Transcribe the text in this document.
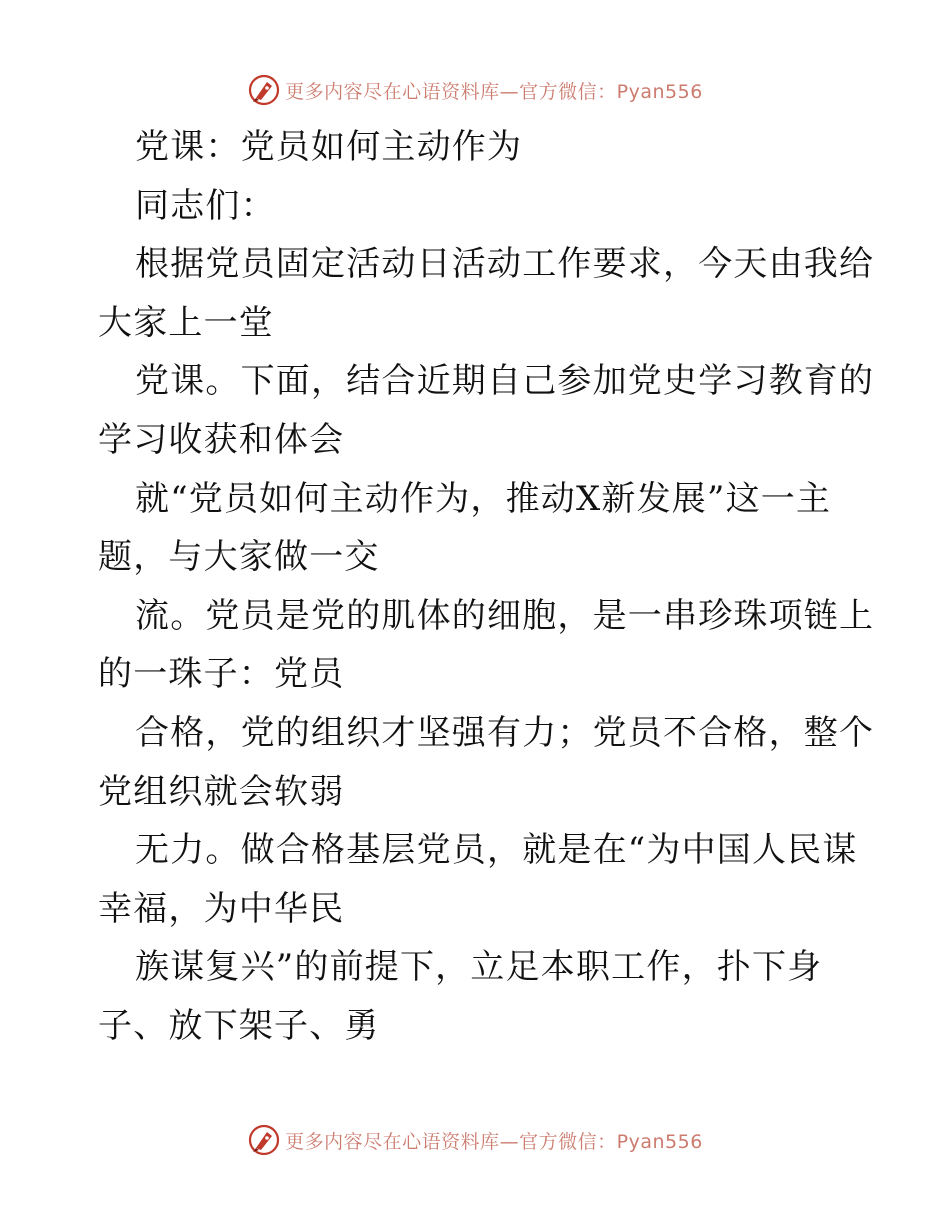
更多内容尽在心语资料库—官方微信：Pyan556
党课：党员如何主动作为
同志们：
根据党员固定活动日活动工作要求，今天由我给
大家上一堂
党课。下面，结合近期自己参加党史学习教育的
学习收获和体会
就“党员如何主动作为，推动X新发展”这一主
题，与大家做一交
流。党员是党的肌体的细胞，是一串珍珠项链上
的一珠子：党员
合格，党的组织才坚强有力；党员不合格，整个
党组织就会软弱
无力。做合格基层党员，就是在“为中国人民谋
幸福，为中华民
族谋复兴”的前提下，立足本职工作，扑下身
子、放下架子、勇
更多内容尽在心语资料库—官方微信：Pyan556
